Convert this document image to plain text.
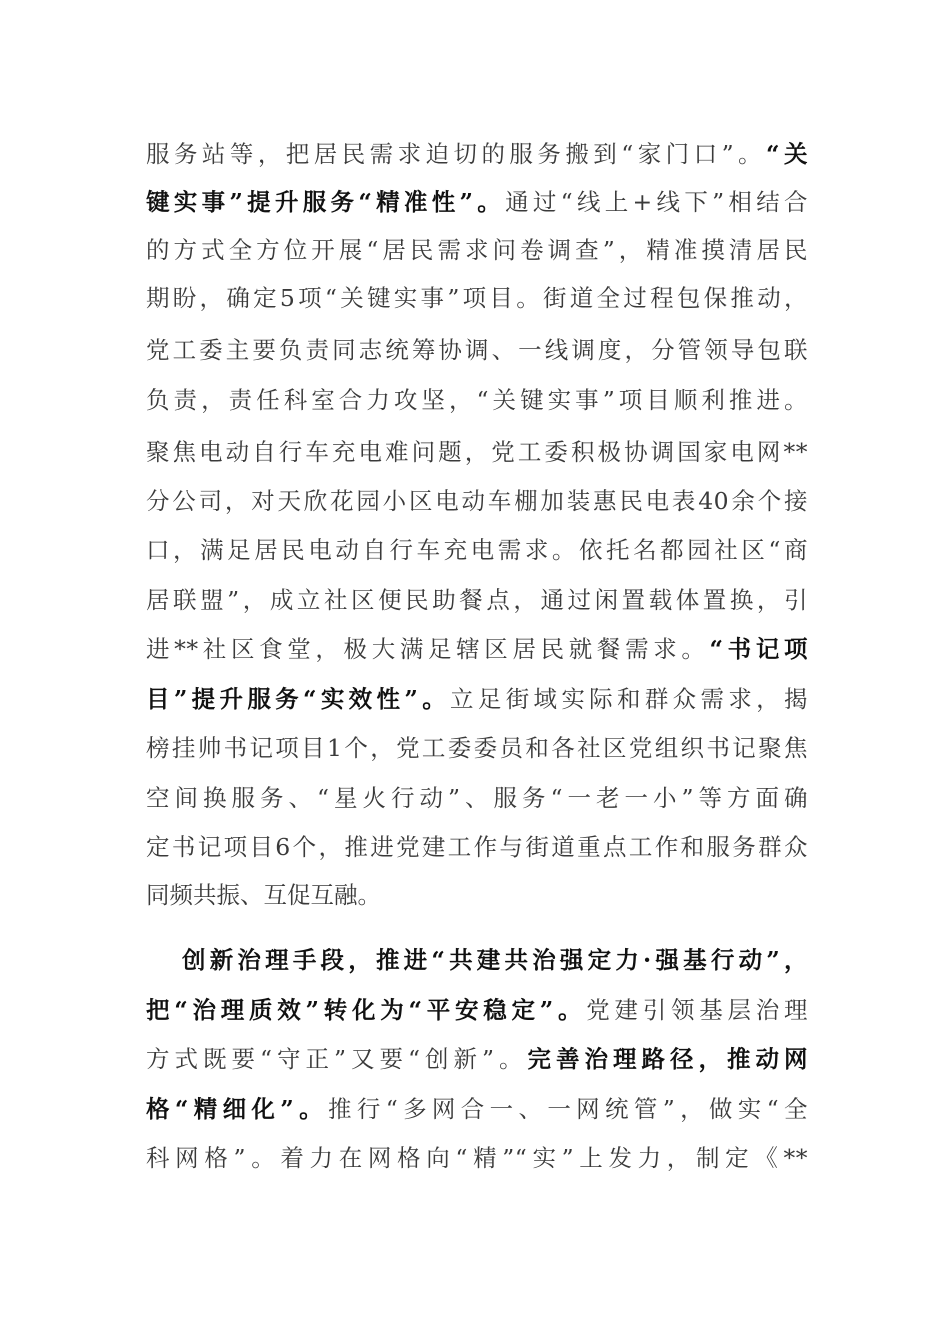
服务站等，把居民需求迫切的服务搬到“家门口”。“关
键实事”提升服务“精准性”。通过“线上+线下”相结合
的方式全方位开展“居民需求问卷调查”，精准摸清居民
期盼，确定5项“关键实事”项目。街道全过程包保推动，
党工委主要负责同志统筹协调、一线调度，分管领导包联
负责，责任科室合力攻坚，“关键实事”项目顺利推进。
聚焦电动自行车充电难问题，党工委积极协调国家电网**
分公司，对天欣花园小区电动车棚加装惠民电表40余个接
口，满足居民电动自行车充电需求。依托名都园社区“商
居联盟”，成立社区便民助餐点，通过闲置载体置换，引
进**社区食堂，极大满足辖区居民就餐需求。“书记项
目”提升服务“实效性”。立足街域实际和群众需求，揭
榜挂帅书记项目1个，党工委委员和各社区党组织书记聚焦
空间换服务、“星火行动”、服务“一老一小”等方面确
定书记项目6个，推进党建工作与街道重点工作和服务群众
同频共振、互促互融。
创新治理手段，推进“共建共治强定力·强基行动”，
把“治理质效”转化为“平安稳定”。党建引领基层治理
方式既要“守正”又要“创新”。完善治理路径，推动网
格“精细化”。推行“多网合一、一网统管”，做实“全
科网格”。着力在网格向“精”“实”上发力，制定《**
